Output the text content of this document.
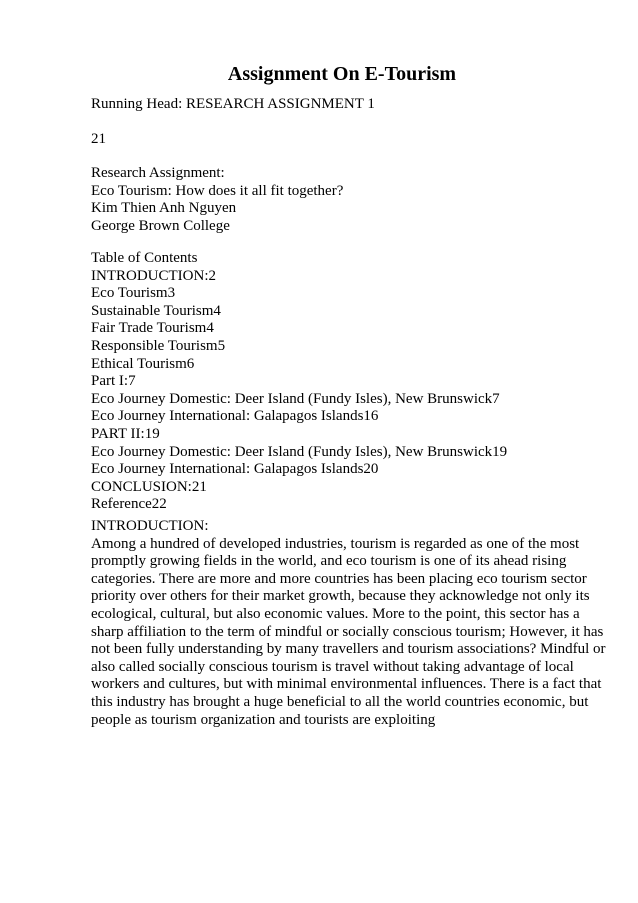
Assignment On E-Tourism
Running Head: RESEARCH ASSIGNMENT 1
21
Research Assignment:
Eco Tourism: How does it all fit together?
Kim Thien Anh Nguyen
George Brown College
Table of Contents
INTRODUCTION:2
Eco Tourism3
Sustainable Tourism4
Fair Trade Tourism4
Responsible Tourism5
Ethical Tourism6
Part I:7
Eco Journey Domestic: Deer Island (Fundy Isles), New Brunswick7
Eco Journey International: Galapagos Islands16
PART II:19
Eco Journey Domestic: Deer Island (Fundy Isles), New Brunswick19
Eco Journey International: Galapagos Islands20
CONCLUSION:21
Reference22
INTRODUCTION:
Among a hundred of developed industries, tourism is regarded as one of the most
promptly growing fields in the world, and eco tourism is one of its ahead rising
categories. There are more and more countries has been placing eco tourism sector
priority over others for their market growth, because they acknowledge not only its
ecological, cultural, but also economic values. More to the point, this sector has a
sharp affiliation to the term of mindful or socially conscious tourism; However, it has
not been fully understanding by many travellers and tourism associations? Mindful or
also called socially conscious tourism is travel without taking advantage of local
workers and cultures, but with minimal environmental influences. There is a fact that
this industry has brought a huge beneficial to all the world countries economic, but
people as tourism organization and tourists are exploiting
